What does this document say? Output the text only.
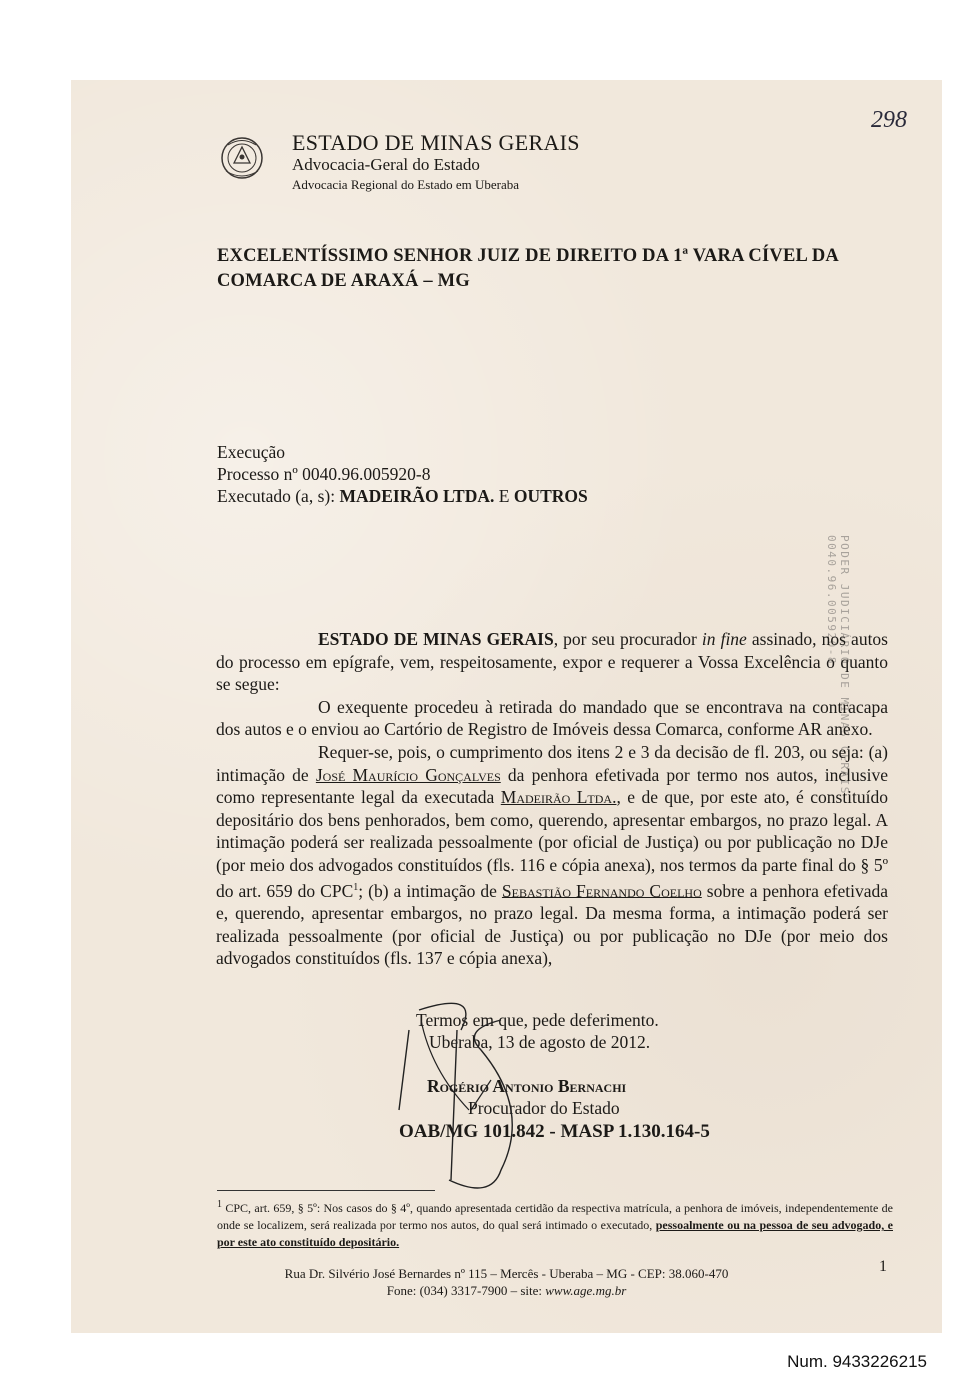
ESTADO DE MINAS GERAIS
Advocacia-Geral do Estado
Advocacia Regional do Estado em Uberaba
298
EXCELENTÍSSIMO SENHOR JUIZ DE DIREITO DA 1ª VARA CÍVEL DA
COMARCA DE ARAXÁ – MG
Execução
Processo nº 0040.96.005920-8
Executado (a, s): MADEIRÃO LTDA. E OUTROS
PODER JUDICIÁRIO DE MINAS GERAIS 0040.96.005920-8

ESTADO DE MINAS GERAIS, por seu procurador in fine assinado, nos autos do processo em epígrafe, vem, respeitosamente, expor e requerer a Vossa Excelência o quanto se segue:

O exequente procedeu à retirada do mandado que se encontrava na contracapa dos autos e o enviou ao Cartório de Registro de Imóveis dessa Comarca, conforme AR anexo.

Requer-se, pois, o cumprimento dos itens 2 e 3 da decisão de fl. 203, ou seja: (a) intimação de José Maurício Gonçalves da penhora efetivada por termo nos autos, inclusive como representante legal da executada Madeirão Ltda., e de que, por este ato, é constituído depositário dos bens penhorados, bem como, querendo, apresentar embargos, no prazo legal. A intimação poderá ser realizada pessoalmente (por oficial de Justiça) ou por publicação no DJe (por meio dos advogados constituídos (fls. 116 e cópia anexa), nos termos da parte final do § 5º do art. 659 do CPC$^1$; (b) a intimação de Sebastião Fernando Coelho sobre a penhora efetivada e, querendo, apresentar embargos, no prazo legal. Da mesma forma, a intimação poderá ser realizada pessoalmente (por oficial de Justiça) ou por publicação no DJe (por meio dos advogados constituídos (fls. 137 e cópia anexa),

Termos em que, pede deferimento.
Uberaba, 13 de agosto de 2012.
Rogério Antonio Bernachi
Procurador do Estado
OAB/MG 101.842 - MASP 1.130.164-5

$^1$ CPC, art. 659, § 5º: Nos casos do § 4º, quando apresentada certidão da respectiva matrícula, a penhora de imóveis, independentemente de onde se localizem, será realizada por termo nos autos, do qual será intimado o executado, pessoalmente ou na pessoa de seu advogado, e por este ato constituído depositário.

1
Rua Dr. Silvério José Bernardes nº 115 – Mercês - Uberaba – MG - CEP: 38.060-470
Fone: (034) 3317-7900 – site: www.age.mg.br
Num. 9433226215
